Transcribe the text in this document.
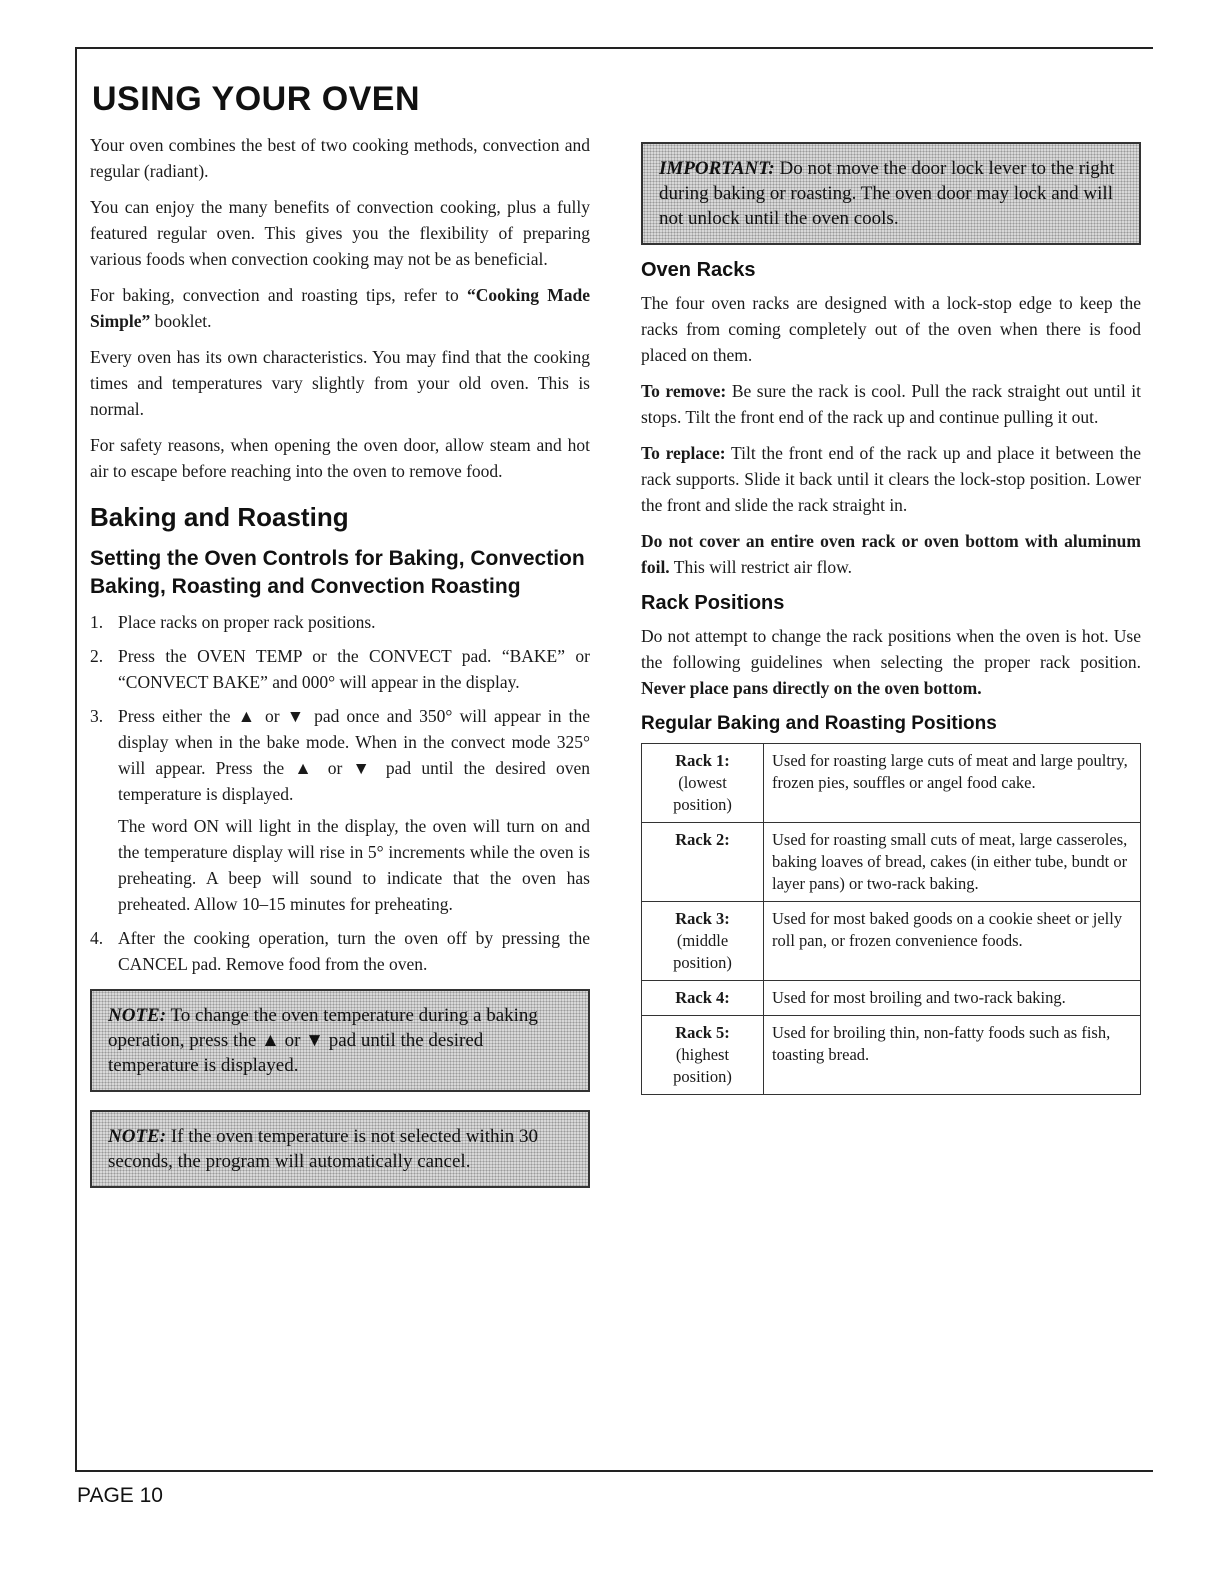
USING YOUR OVEN

Your oven combines the best of two cooking methods, convection and regular (radiant).

You can enjoy the many benefits of convection cooking, plus a fully featured regular oven. This gives you the flexibility of preparing various foods when convection cooking may not be as beneficial.

For baking, convection and roasting tips, refer to “Cooking Made Simple” booklet.

Every oven has its own characteristics. You may find that the cooking times and temperatures vary slightly from your old oven. This is normal.

For safety reasons, when opening the oven door, allow steam and hot air to escape before reaching into the oven to remove food.

Baking and Roasting
Setting the Oven Controls for Baking, Convection Baking, Roasting and Convection Roasting
1. Place racks on proper rack positions.
2. Press the OVEN TEMP or the CONVECT pad. “BAKE” or “CONVECT BAKE” and 000° will appear in the display.
3. Press either the ▲ or ▼ pad once and 350° will appear in the display when in the bake mode. When in the convect mode 325° will appear. Press the ▲ or ▼ pad until the desired oven temperature is displayed.

The word ON will light in the display, the oven will turn on and the temperature display will rise in 5° increments while the oven is preheating. A beep will sound to indicate that the oven has preheated. Allow 10–15 minutes for preheating.

4. After the cooking operation, turn the oven off by pressing the CANCEL pad. Remove food from the oven.
NOTE: To change the oven temperature during a baking operation, press the ▲ or ▼ pad until the desired temperature is displayed.
NOTE: If the oven temperature is not selected within 30 seconds, the program will automatically cancel.
IMPORTANT: Do not move the door lock lever to the right during baking or roasting. The oven door may lock and will not unlock until the oven cools.
Oven Racks

The four oven racks are designed with a lock-stop edge to keep the racks from coming completely out of the oven when there is food placed on them.

To remove: Be sure the rack is cool. Pull the rack straight out until it stops. Tilt the front end of the rack up and continue pulling it out.

To replace: Tilt the front end of the rack up and place it between the rack supports. Slide it back until it clears the lock-stop position. Lower the front and slide the rack straight in.

Do not cover an entire oven rack or oven bottom with aluminum foil. This will restrict air flow.

Rack Positions

Do not attempt to change the rack positions when the oven is hot. Use the following guidelines when selecting the proper rack position. Never place pans directly on the oven bottom.

Regular Baking and Roasting Positions
Rack 1:
(lowest position)	Used for roasting large cuts of meat and large poultry, frozen pies, souffles or angel food cake.

Rack 2:	Used for roasting small cuts of meat, large casseroles, baking loaves of bread, cakes (in either tube, bundt or layer pans) or two-rack baking.

Rack 3:
(middle position)	Used for most baked goods on a cookie sheet or jelly roll pan, or frozen convenience foods.

Rack 4:	Used for most broiling and two-rack baking.

Rack 5:
(highest position)	Used for broiling thin, non-fatty foods such as fish, toasting bread.
PAGE 10
